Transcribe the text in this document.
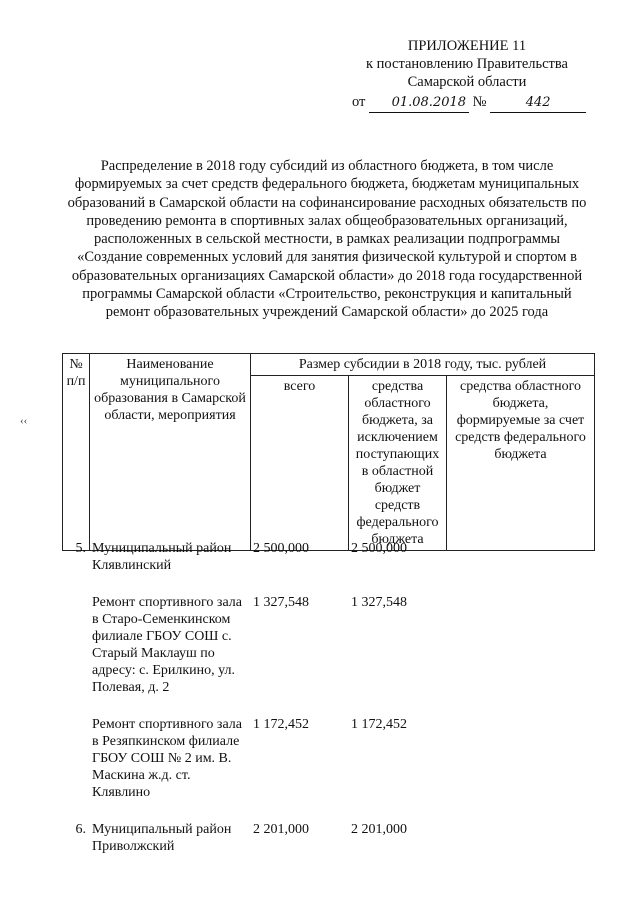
ПРИЛОЖЕНИЕ 11
к постановлению Правительства
Самарской области
от 01.08.2018 №	442
Распределение в 2018 году субсидий из областного бюджета, в том числе формируемых за счет средств федерального бюджета, бюджетам муниципальных образований в Самарской области на софинансирование расходных обязательств по проведению ремонта в спортивных залах общеобразовательных организаций, расположенных в сельской местности, в рамках реализации подпрограммы «Создание современных условий для занятия физической культурой и спортом в образовательных организациях Самарской области» до 2018 года государственной программы Самарской области «Строительство, реконструкция и капитальный ремонт образовательных учреждений Самарской области» до 2025 года
‹‹
№ п/п	Наименование муниципального образования в Самарской области, мероприятия	Размер субсидии в 2018 году, тыс. рублей		
		всего	средства областного бюджета, за исключением поступающих в областной бюджет средств федерального бюджета	средства областного бюджета, формируемые за счет средств федерального бюджета
5.	Муниципальный район Клявлинский	2 500,000	2 500,000	

	Ремонт спортивного зала в Старо-Семенкинском филиале ГБОУ СОШ с. Старый Маклауш по адресу: с. Ерилкино, ул. Полевая, д. 2	1 327,548	1 327,548	

	Ремонт спортивного зала в Резяпкинском филиале ГБОУ СОШ № 2 им. В. Маскина ж.д. ст. Клявлино	1 172,452	1 172,452	

6.	Муниципальный район Приволжский	2 201,000	2 201,000	
